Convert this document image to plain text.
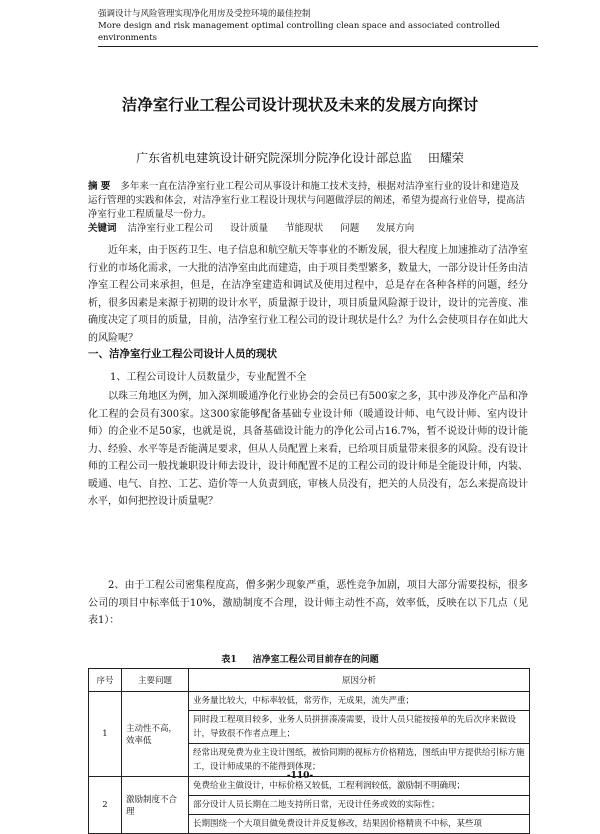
强调设计与风险管理实现净化用房及受控环境的最佳控制
More design and risk management optimal controlling clean space and associated controlled environments
洁净室行业工程公司设计现状及未来的发展方向探讨
广东省机电建筑设计研究院深圳分院净化设计部总监 田耀荣
摘 要 多年来一直在洁净室行业工程公司从事设计和施工技术支持，根据对洁净室行业的设计和建造及运行管理的实践和体会，对洁净室行业工程设计现状与问题做浮层的阐述，希望为提高行业倍导，提高洁净室行业工程质量尽一份力。
关键词 洁净室行业工程公司 设计质量 节能现状 问题 发展方向

近年来，由于医药卫生、电子信息和航空航天等事业的不断发展，很大程度上加速推动了洁净室行业的市场化需求，一大批的洁净室由此而建造，由于项目类型繁多，数量大，一部分设计任务由洁净室工程公司来承担，但是，在洁净室建造和调试及使用过程中，总是存在各种各样的问题，经分析，很多因素是来源于初期的设计水平，质量源于设计，项目质量风险源于设计，设计的完善度、准确度决定了项目的质量，目前，洁净室行业工程公司的设计现状是什么？为什么会使项目存在如此大的风险呢？

一、洁净室行业工程公司设计人员的现状
1、工程公司设计人员数量少，专业配置不全

以珠三角地区为例，加入深圳暖通净化行业协会的会员已有500家之多，其中涉及净化产品和净化工程的会员有300家。这300家能够配备基础专业设计师（暖通设计师、电气设计师、室内设计师）的企业不足50家，也就是说，具备基础设计能力的净化公司占16.7%，暂不说设计师的设计能力、经验、水平等是否能满足要求，但从人员配置上来看，已给项目质量带来很多的风险。没有设计师的工程公司一般找兼职设计师去设计，设计师配置不足的工程公司的设计师是全能设计师，内装、暖通、电气、自控、工艺、造价等一人负责到底，审核人员没有，把关的人员没有，怎么来提高设计水平，如何把控设计质量呢？

2、由于工程公司密集程度高，僧多粥少现象严重，恶性竞争加剧，项目大部分需要投标，很多公司的项目中标率低于10%，激励制度不合理，设计师主动性不高，效率低，反映在以下几点（见表1）：

表1 洁净室工程公司目前存在的问题
序号	主要问题	原因分析
1	主动性不高，效率低	业务量比较大，中标率较低，常劳作，无成果，流失严重；
		同时段工程项目较多，业务人员拼拼凑凑需要，设计人员只能按接单的先后次序来做设计，导致很不作者点理上；
		经常出现免费为业主设计图纸，被恰同期的视标方价格精选，图纸由甲方提供给引标方施工，设计师成果的不能得到体现；
2	激励制度不合理	免费给业主做设计，中标价格又较低，工程利润较低，激励制不明确现；
		部分设计人员长期在二地支持所日常，无设计任务或效的实际性；
		长期围绕一个大项目做免费设计并反复修改，结果因价格精贵不中标，某些项
-110-
